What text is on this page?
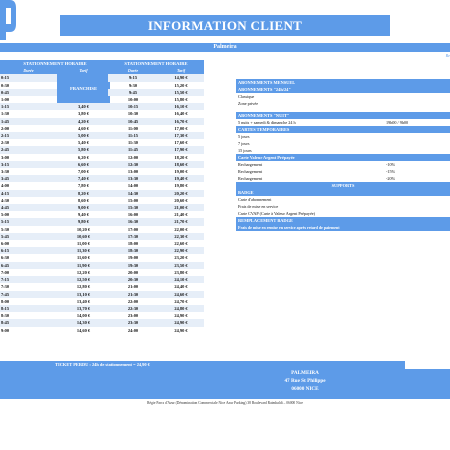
INFORMATION CLIENT
Palmeira
Re
STATIONNEMENT HORAIRE	
Durée	Tarif
0:15	FRANCHISE
0:30	
0:45	
1:00	
1:15	3,40 €
1:30	3,80 €
1:45	4,20 €
2:00	4,60 €
2:15	5,00 €
2:30	5,40 €
2:45	5,80 €
3:00	6,20 €
3:15	6,60 €
3:30	7,00 €
3:45	7,40 €
4:00	7,80 €
4:15	8,20 €
4:30	8,60 €
4:45	9,00 €
5:00	9,40 €
5:15	9,80 €
5:30	10,20 €
5:45	10,60 €
6:00	11,00 €
6:15	11,30 €
6:30	11,60 €
6:45	11,90 €
7:00	12,20 €
7:15	12,50 €
7:30	12,80 €
7:45	13,10 €
8:00	13,40 €
8:15	13,70 €
8:30	14,00 €
8:45	14,30 €
9:00	14,60 €
STATIONNEMENT HORAIRE	
Durée	Tarif
9:15	14,90 €
9:30	15,20 €
9:45	15,50 €
10:00	15,80 €
10:15	16,10 €
10:30	16,40 €
10:45	16,70 €
11:00	17,00 €
11:15	17,30 €
11:30	17,60 €
11:45	17,90 €
12:00	18,20 €
12:30	18,60 €
13:00	19,00 €
13:30	19,40 €
14:00	19,80 €
14:30	20,20 €
15:00	20,60 €
15:30	21,00 €
16:00	21,40 €
16:30	21,70 €
17:00	22,00 €
17:30	22,30 €
18:00	22,60 €
18:30	22,90 €
19:00	23,20 €
19:30	23,50 €
20:00	23,80 €
20:30	24,10 €
21:00	24,40 €
21:30	24,60 €
22:00	24,70 €
22:30	24,80 €
23:00	24,90 €
23:30	24,90 €
24:00	24,90 €
ABONNEMENTS MENSUEL
ABONNEMENTS "24h/24"
Classique
Zone privée
ABONNEMENTS "NUIT"
5 nuits + samedi & dimanche 24 h	19h00 / 9h00
CARTES TEMPORAIRES
5 jours
7 jours
15 jours
Carte Valeur Argent Prépayée
Rechargement	-10%
Rechargement	-15%
Rechargement	-20%
SUPPORTS
BADGE
Carte d'abonnement
Frais de mise en service
Carte CVAP (Carte à Valeur Argent Prépayée)
REMPLACEMENT BADGE
Frais de mise en remise en service après retard de paiement
TICKET PERDU : 24h de stationnement = 24,90 €
PALMEIRA
47 Rue St Philippe
06000 NICE
Régie Parcs d'Azur (Dénomination Commerciale Nice Azur Parking) 38 Boulevard Raimbaldi – 06000 Nice
